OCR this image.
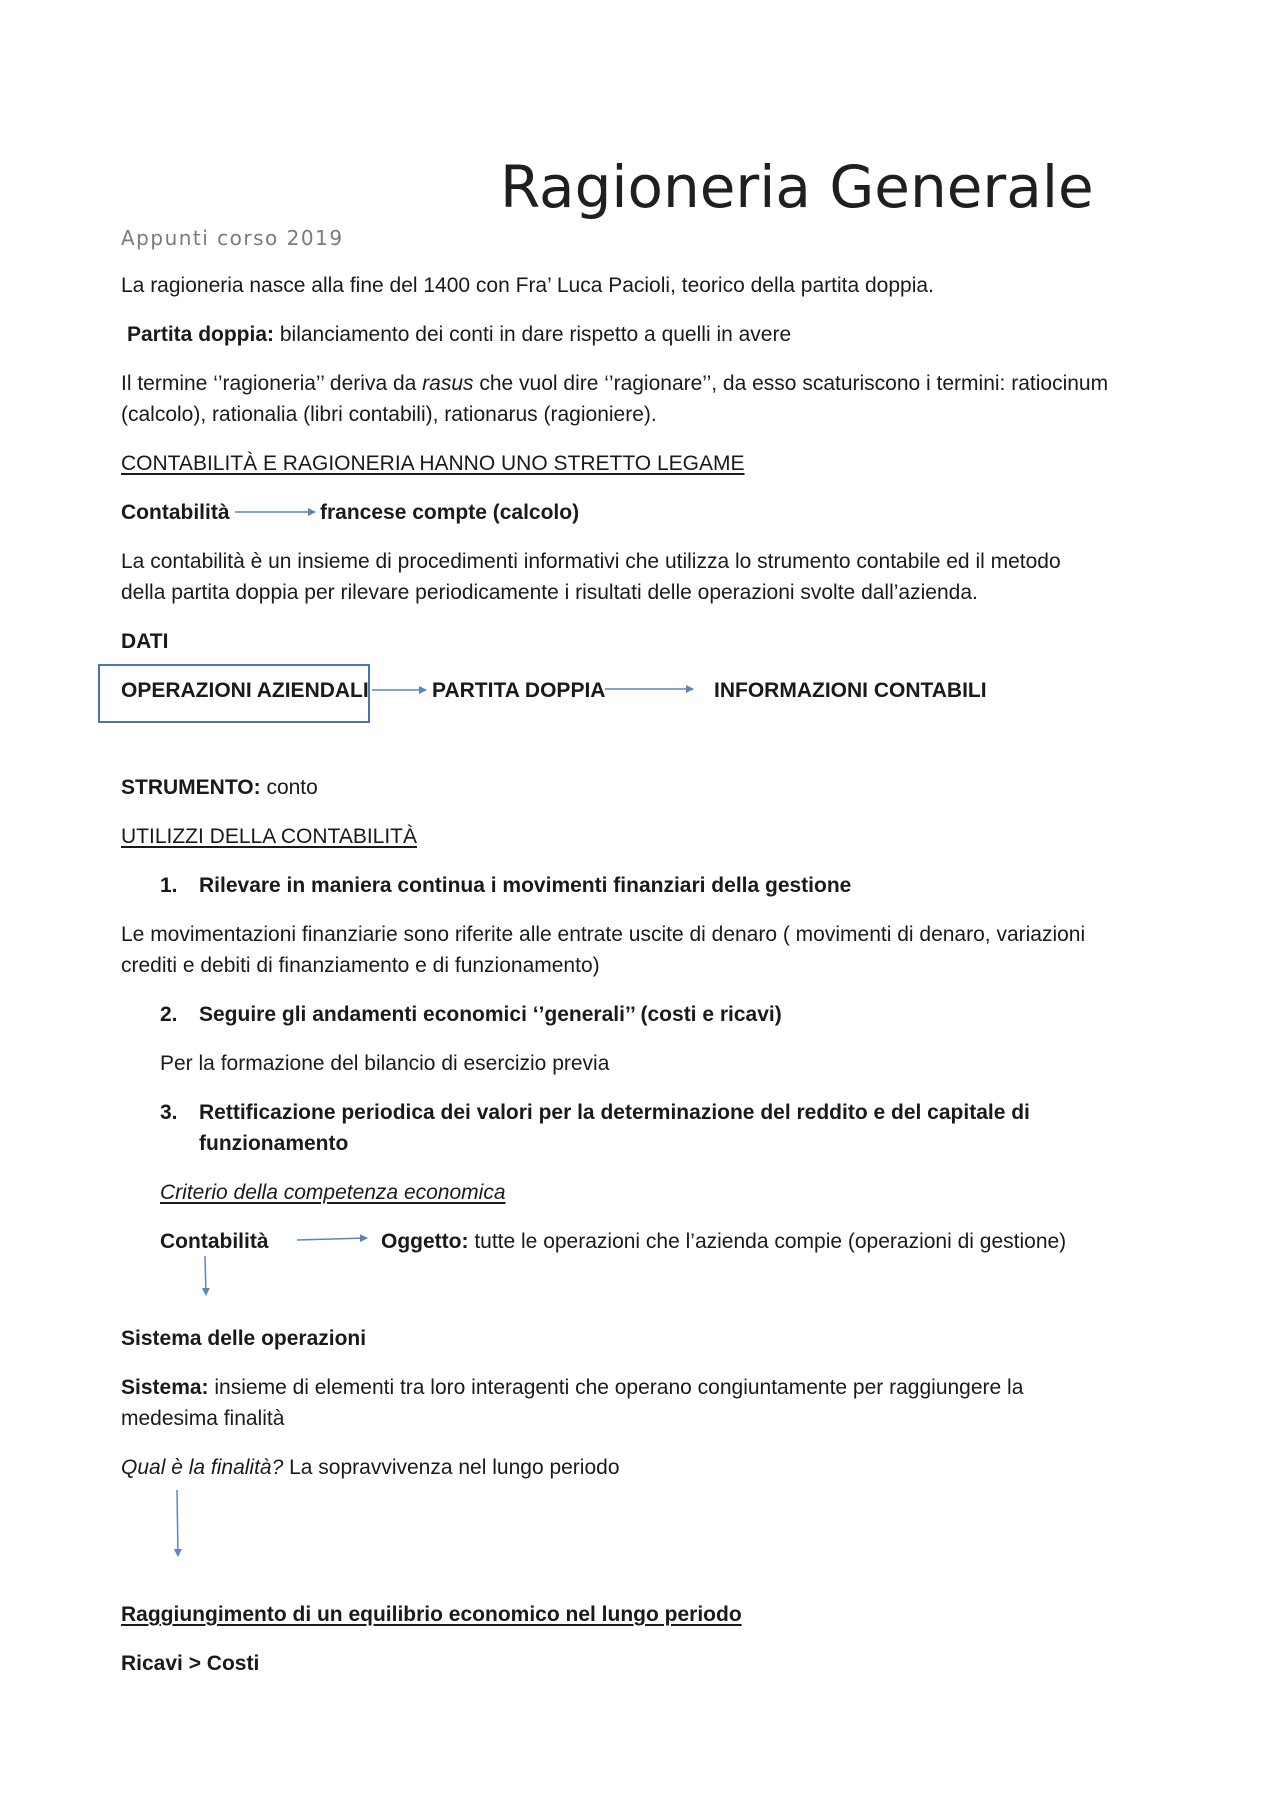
Ragioneria Generale
Appunti corso 2019
La ragioneria nasce alla fine del 1400 con Fra’ Luca Pacioli, teorico della partita doppia.
Partita doppia: bilanciamento dei conti in dare rispetto a quelli in avere
Il termine ‘’ragioneria’’ deriva da rasus che vuol dire ‘’ragionare’’, da esso scaturiscono i termini: ratiocinum
(calcolo), rationalia (libri contabili), rationarus (ragioniere).
CONTABILITÀ E RAGIONERIA HANNO UNO STRETTO LEGAME
Contabilità	francese compte (calcolo)
La contabilità è un insieme di procedimenti informativi che utilizza lo strumento contabile ed il metodo
della partita doppia per rilevare periodicamente i risultati delle operazioni svolte dall’azienda.
DATI
OPERAZIONI AZIENDALI	PARTITA DOPPIA	INFORMAZIONI CONTABILI
STRUMENTO: conto
UTILIZZI DELLA CONTABILITÀ
1. Rilevare in maniera continua i movimenti finanziari della gestione
Le movimentazioni finanziarie sono riferite alle entrate uscite di denaro ( movimenti di denaro, variazioni
crediti e debiti di finanziamento e di funzionamento)
2. Seguire gli andamenti economici ‘’generali’’ (costi e ricavi)
Per la formazione del bilancio di esercizio previa
3. Rettificazione periodica dei valori per la determinazione del reddito e del capitale di
funzionamento
Criterio della competenza economica
Contabilità	Oggetto: tutte le operazioni che l’azienda compie (operazioni di gestione)
Sistema delle operazioni
Sistema: insieme di elementi tra loro interagenti che operano congiuntamente per raggiungere la
medesima finalità
Qual è la finalità? La sopravvivenza nel lungo periodo
Raggiungimento di un equilibrio economico nel lungo periodo
Ricavi > Costi
